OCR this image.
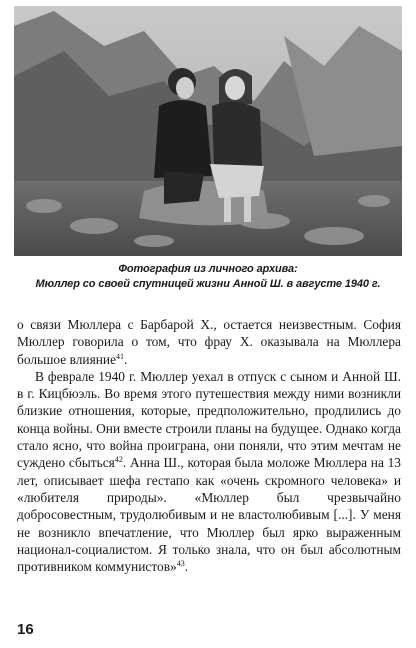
Фотография из личного архива:
Мюллер со своей спутницей жизни Анной Ш. в августе 1940 г.

о связи Мюллера с Барбарой Х., остается неизвестным. София Мюллер говорила о том, что фрау Х. оказывала на Мюллера большое влияние$^{41}$.

В феврале 1940 г. Мюллер уехал в отпуск с сыном и Анной Ш. в г. Кицбюэль. Во время этого путешествия между ними возникли близкие отношения, которые, предположительно, продлились до конца войны. Они вместе строили планы на будущее. Однако когда стало ясно, что война проиграна, они поняли, что этим мечтам не суждено сбыться$^{42}$. Анна Ш., которая была моложе Мюллера на 13 лет, описывает шефа гестапо как «очень скромного человека» и «любителя природы». «Мюллер был чрезвычайно добросовестным, трудолюбивым и не властолюбивым [...]. У меня не возникло впечатление, что Мюллер был ярко выраженным национал-социалистом. Я только знала, что он был абсолютным противником коммунистов»$^{43}$.

16
